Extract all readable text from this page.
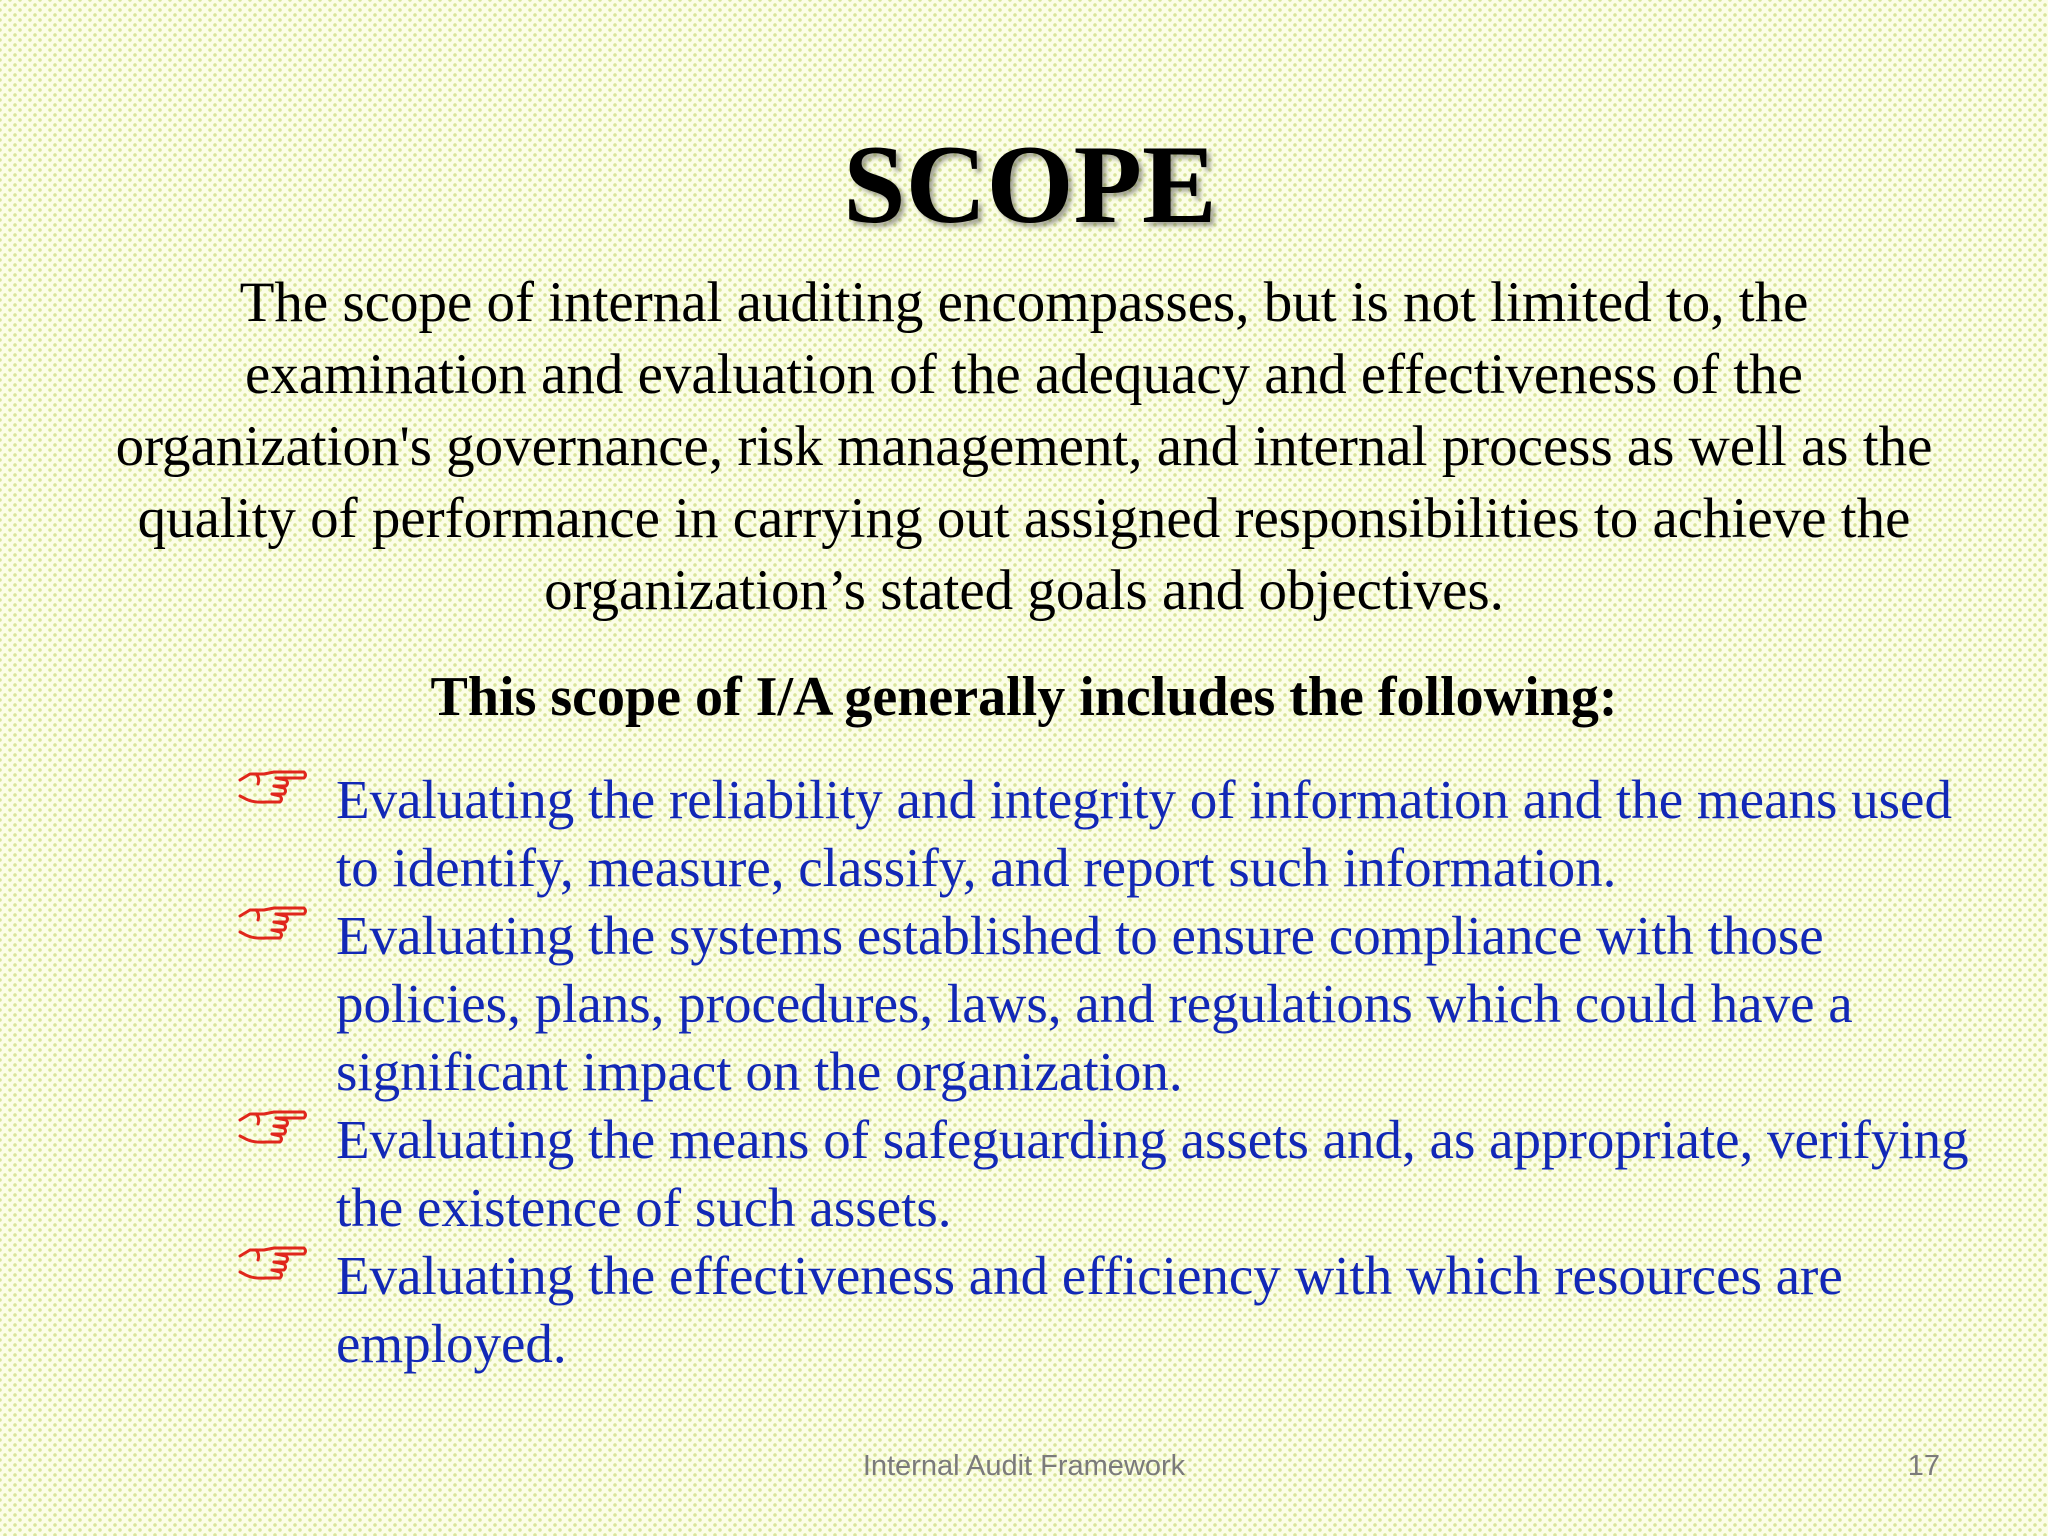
SCOPE

The scope of internal auditing encompasses, but is not limited to, the examination and evaluation of the adequacy and effectiveness of the organization's governance, risk management, and internal process as well as the quality of performance in carrying out assigned responsibilities to achieve the organization’s stated goals and objectives.

This scope of I/A generally includes the following:

Evaluating the reliability and integrity of information and the means used to identify, measure, classify, and report such information.
Evaluating the systems established to ensure compliance with those policies, plans, procedures, laws, and regulations which could have a significant impact on the organization.
Evaluating the means of safeguarding assets and, as appropriate, verifying the existence of such assets.
Evaluating the effectiveness and efficiency with which resources are employed.
Internal Audit Framework	17
